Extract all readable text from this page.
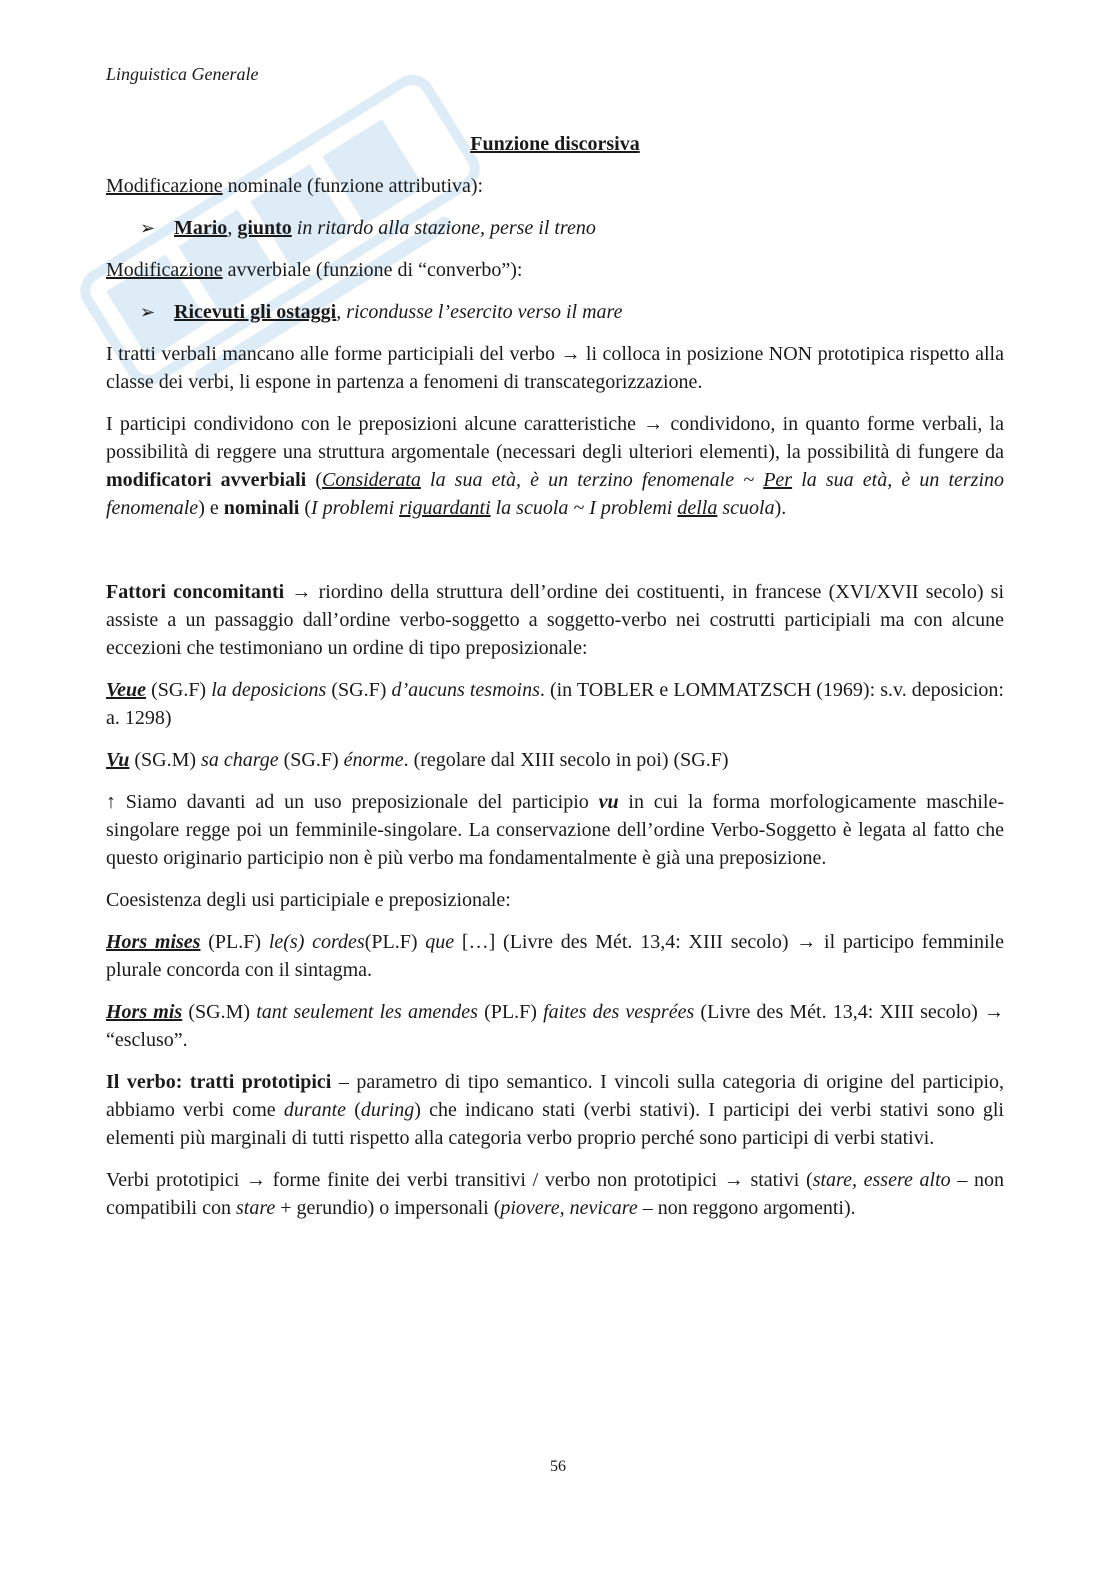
Linguistica Generale
Funzione discorsiva

Modificazione nominale (funzione attributiva):

➢ Mario, giunto in ritardo alla stazione, perse il treno

Modificazione avverbiale (funzione di “converbo”):

➢ Ricevuti gli ostaggi, ricondusse l’esercito verso il mare

I tratti verbali mancano alle forme participiali del verbo → li colloca in posizione NON prototipica rispetto alla classe dei verbi, li espone in partenza a fenomeni di transcategorizzazione.

I participi condividono con le preposizioni alcune caratteristiche → condividono, in quanto forme verbali, la possibilità di reggere una struttura argomentale (necessari degli ulteriori elementi), la possibilità di fungere da modificatori avverbiali (Considerata la sua età, è un terzino fenomenale ~ Per la sua età, è un terzino fenomenale) e nominali (I problemi riguardanti la scuola ~ I problemi della scuola).

Fattori concomitanti → riordino della struttura dell’ordine dei costituenti, in francese (XVI/XVII secolo) si assiste a un passaggio dall’ordine verbo-soggetto a soggetto-verbo nei costrutti participiali ma con alcune eccezioni che testimoniano un ordine di tipo preposizionale:

Veue (SG.F) la deposicions (SG.F) d’aucuns tesmoins. (in TOBLER e LOMMATZSCH (1969): s.v. deposicion: a. 1298)

Vu (SG.M) sa charge (SG.F) énorme. (regolare dal XIII secolo in poi) (SG.F)

↑ Siamo davanti ad un uso preposizionale del participio vu in cui la forma morfologicamente maschile-singolare regge poi un femminile-singolare. La conservazione dell’ordine Verbo-Soggetto è legata al fatto che questo originario participio non è più verbo ma fondamentalmente è già una preposizione.

Coesistenza degli usi participiale e preposizionale:

Hors mises (PL.F) le(s) cordes(PL.F) que […] (Livre des Mét. 13,4: XIII secolo) → il participo femminile plurale concorda con il sintagma.

Hors mis (SG.M) tant seulement les amendes (PL.F) faites des vesprées (Livre des Mét. 13,4: XIII secolo) → “escluso”.

Il verbo: tratti prototipici – parametro di tipo semantico. I vincoli sulla categoria di origine del participio, abbiamo verbi come durante (during) che indicano stati (verbi stativi). I participi dei verbi stativi sono gli elementi più marginali di tutti rispetto alla categoria verbo proprio perché sono participi di verbi stativi.

Verbi prototipici → forme finite dei verbi transitivi / verbo non prototipici → stativi (stare, essere alto – non compatibili con stare + gerundio) o impersonali (piovere, nevicare – non reggono argomenti).

56
